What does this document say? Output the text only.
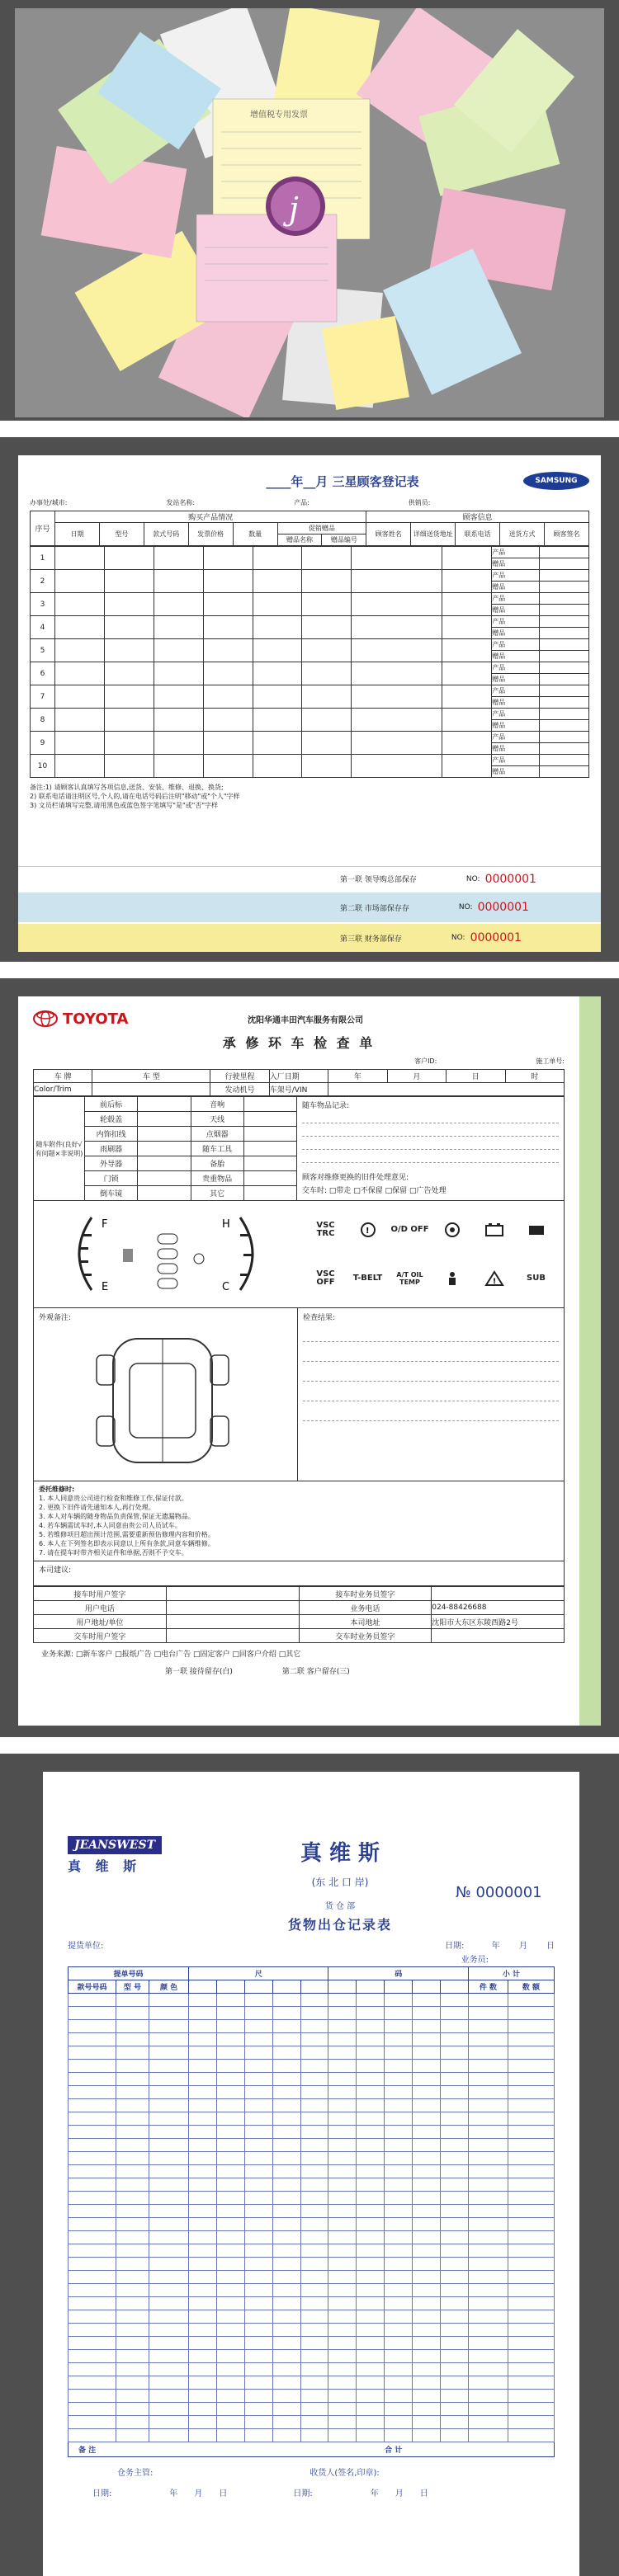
增值税专用发票
j
____年__月 三星顾客登记表	SAMSUNG
办事处/城市:	发站名称:	产品:	供销员:
序号	购买产品情况							顾客信息				
	日期	型号	款式号码	发票价格	数量	促销赠品		顾客姓名	详细送货地址	联系电话	送货方式	顾客签名
						赠品名称	赠品编号					
1									产品	
									赠品	
2									产品	
									赠品	
3									产品	
									赠品	
4									产品	
									赠品	
5									产品	
									赠品	
6									产品	
									赠品	
7									产品	
									赠品	
8									产品	
									赠品	
9									产品	
									赠品	
10									产品	
									赠品	
备注:1) 请顾客认真填写各项信息,送货、安装、维修、退换、换货;
2) 联系电话请注明区号,个人的,请在电话号码后注明"移动"或"个人"字样
3) 文员栏请填写完整,请用黑色或蓝色签字笔填写"是"或"否"字样
第一联 领导购总部保存	NO: 0000001
第二联 市场部保存存	NO: 0000001
第三联 财务部保存	NO: 0000001
TOYOTA	沈阳华通丰田汽车服务有限公司
承 修 环 车 检 查 单
客户ID:	施工单号:
车 牌	车 型	行驶里程	入厂日期	年	月	日	时
Color/Trim		发动机号	车架号/VIN				
随车附件(良好√有问题×非说明)	前后标		音响	
	轮毂盖		天线	
	内饰扣线		点烟器	
	雨刷器		随车工具	
	外导器		备胎	
	门锁		贵重物品	
	倒车镜		其它	
随车物品记录:
顾客对维修更换的旧件处理意见:
交车时: □带走 □不保留 □保留 □广告处理
F
E
H
C
VSC TRC	!	O/D OFF
VSC OFF	T-BELT	A/T OIL TEMP	!	SUB
外观备注:	检查结果:
委托维修时:
1. 本人同意贵公司进行检查和维修工作,保证付款。
2. 更换下旧件请先通知本人,再行处理。
3. 本人对车辆的随身物品负责保管,保证无遗漏物品。
4. 若车辆需试车时,本人同意由贵公司人员试车。
5. 若维修项目超出预计范围,需要重新预估修理内容和价格。
6. 本人在下列签名即表示同意以上所有条款,同意车辆维修。
7. 请在提车时带齐相关证件和单据,否则不予交车。
本司建议:
接车时用户签字		接车时业务员签字	
用户电话		业务电话	024-88426688
用户地址/单位		本司地址	沈阳市大东区东陵西路2号
交车时用户签字		交车时业务员签字	
业务来源: □新车客户 □报纸广告 □电台广告 □固定客户 □回客户介绍 □其它
第一联 接待留存(白)	第二联 客户留存(三)
JEANSWEST
真 维 斯
真 维 斯
(东 北 口 岸)
货 仓 部
货物出仓记录表
№ 0000001
提货单位:	日期:	年 月 日
业务员:
提单号码			尺					码					小 计	
款号号码	型 号	颜 色											件 数	数 额

备 注	合 计
仓务主管:	收货人(签名,印章):
日期:	年 月 日	日期:	年 月 日
